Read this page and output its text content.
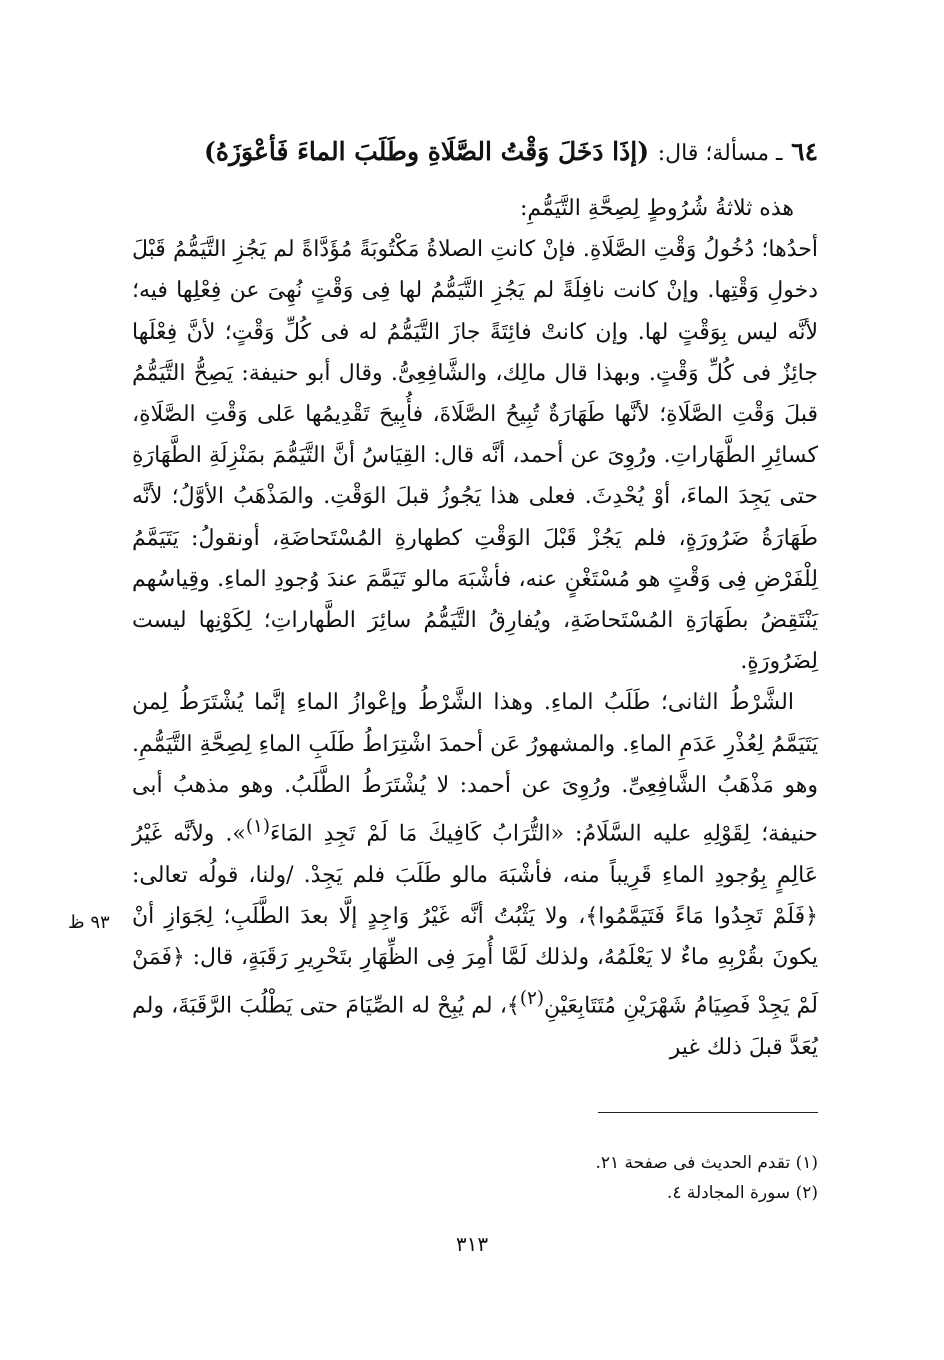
٦٤ ـ مسألة؛ قال: (إذَا دَخَلَ وَقْتُ الصَّلَاةِ وطَلَبَ الماءَ فَأعْوَزَهُ)

هذه ثلاثةُ شُرُوطٍ لِصِحَّةِ التَّيَمُّمِ:

أحدُها؛ دُخُولُ وَقْتِ الصَّلَاةِ. فإنْ كانتِ الصلاةُ مَكْتُوبَةً مُؤَدَّاةً لم يَجُزِ التَّيَمُّمُ قَبْلَ دخولِ وَقْتِها. وإنْ كانت نافِلَةً لم يَجُزِ التَّيَمُّمُ لها فِى وَقْتٍ نُهِىَ عن فِعْلِها فيه؛ لأنَّه ليس بِوَقْتٍ لها. وإن كانتْ فائِتَةً جازَ التَّيَمُّمُ له فى كُلِّ وَقْتٍ؛ لأنَّ فِعْلَها جائِزٌ فى كُلِّ وَقْتٍ. وبهذا قال مالِك، والشَّافِعِىُّ. وقال أبو حنيفة: يَصِحُّ التَّيَمُّمُ قبلَ وَقْتِ الصَّلَاةِ؛ لأنَّها طَهَارَةٌ تُبِيحُ الصَّلَاةَ، فأُبِيحَ تَقْدِيمُها عَلى وَقْتِ الصَّلَاةِ، كسائِرِ الطَّهَاراتِ. ورُوِىَ عن أحمد، أنَّه قال: القِيَاسُ أنَّ التَّيَمُّمَ بمَنْزِلَةِ الطَّهَارَةِ حتى يَجِدَ الماءَ، أوْ يُحْدِثَ. فعلى هذا يَجُوزُ قبلَ الوَقْتِ. والمَذْهَبُ الأوَّلُ؛ لأنَّه طَهَارَةُ ضَرُورَةٍ، فلم يَجُزْ قَبْلَ الوَقْتِ كطهارةِ المُسْتَحاضَةِ، أونقولُ: يَتَيَمَّمُ لِلْفَرْضِ فِى وَقْتٍ هو مُسْتَغْنٍ عنه، فأشْبَهَ مالو تَيَمَّمَ عندَ وُجودِ الماءِ. وقِياسُهم يَنْتَقِضُ بطَهَارَةِ المُسْتَحاضَةِ، ويُفارِقُ التَّيَمُّمُ سائِرَ الطَّهاراتِ؛ لِكَوْنِها ليست لِضَرُورَةٍ.

الشَّرْطُ الثانى؛ طَلَبُ الماءِ. وهذا الشَّرْطُ وإعْوازُ الماءِ إنَّما يُشْتَرَطُ لِمن يَتَيَمَّمُ لِعُذْرِ عَدَمِ الماءِ. والمشهورُ عَن أحمدَ اشْتِرَاطُ طَلَبِ الماءِ لِصِحَّةِ التَّيَمُّمِ. وهو مَذْهَبُ الشَّافِعِىِّ. ورُوِىَ عن أحمد: لا يُشْتَرَطُ الطَّلَبُ. وهو مذهبُ أبى حنيفة؛ لِقَوْلِهِ عليه السَّلَامُ: «التُّرَابُ كَافِيكَ مَا لَمْ تَجِدِ المَاءَ$^{(١)}$». ولأنَّه غَيْرُ عَالِمٍ بِوُجودِ الماءِ قَرِيباً منه، فأشْبَهَ مالو طَلَبَ فلم يَجِدْ. /ولنا، قولُه تعالى: ﴿فَلَمْ تَجِدُوا مَاءً فَتَيَمَّمُوا﴾، ولا يَثْبُتُ أنَّه غَيْرُ وَاجِدٍ إلَّا بعدَ الطَّلَبِ؛ لِجَوَازِ أنْ يكونَ بقُرْبِهِ ماءٌ لا يَعْلَمُهُ، ولذلك لَمَّا أُمِرَ فِى الظِّهَارِ بتَحْرِيرِ رَقَبَةٍ، قال: ﴿فَمَنْ لَمْ يَجِدْ فَصِيَامُ شَهْرَيْنِ مُتَتَابِعَيْنِ$^{(٢)}$﴾، لم يُبِحْ له الصِّيَامَ حتى يَطْلُبَ الرَّقَبَةَ، ولم يُعَدَّ قبلَ ذلك غير

٩٣ ظ
(١) تقدم الحديث فى صفحة ٢١.
(٢) سورة المجادلة ٤.
٣١٣
